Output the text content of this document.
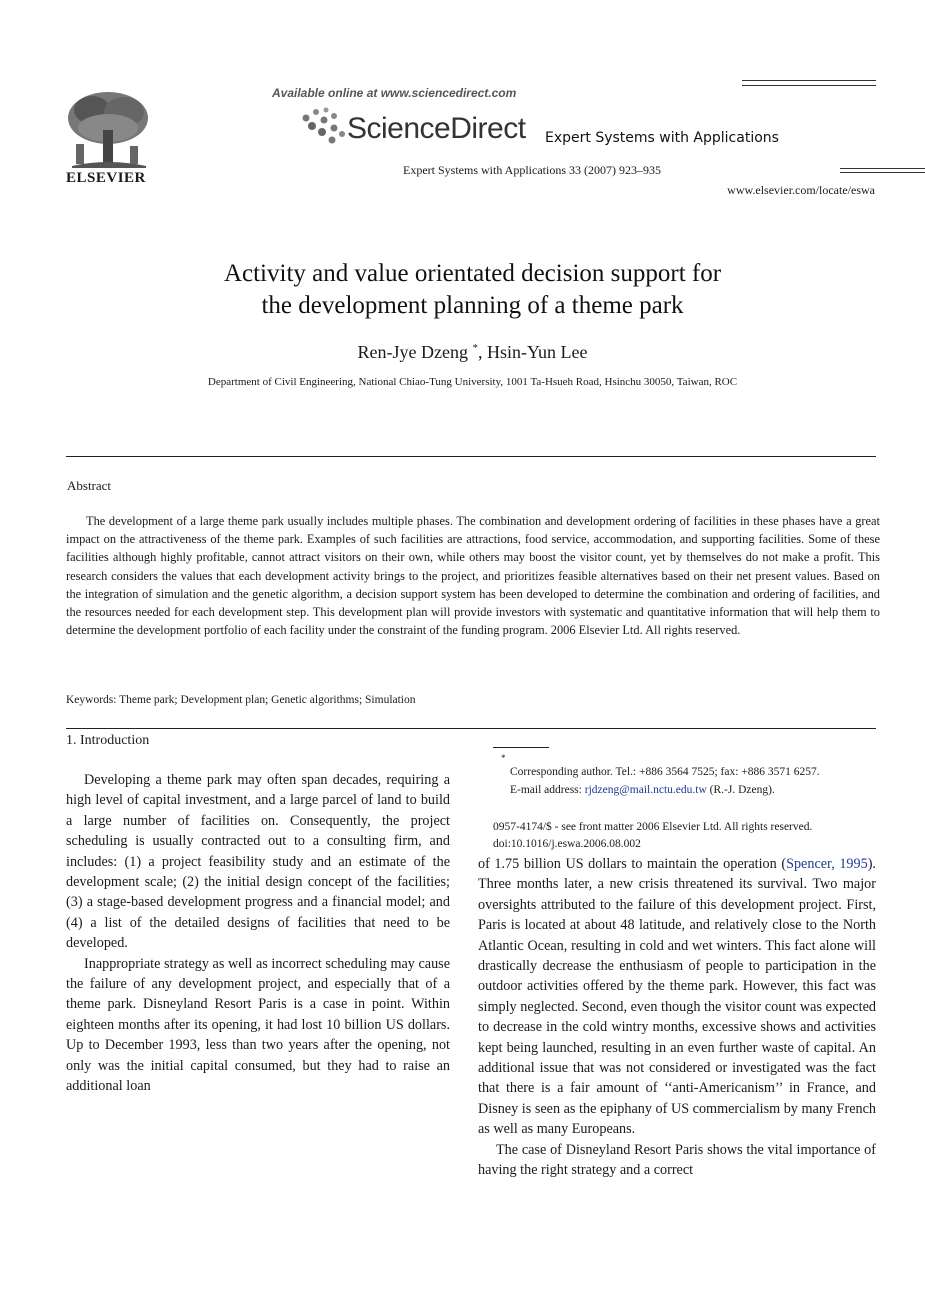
ELSEVIER
Available online at www.sciencedirect.com
ScienceDirect Expert Systems with Applications
Expert Systems with Applications 33 (2007) 923–935
www.elsevier.com/locate/eswa
Activity and value orientated decision support for
the development planning of a theme park
Ren-Jye Dzeng *, Hsin-Yun Lee
Department of Civil Engineering, National Chiao-Tung University, 1001 Ta-Hsueh Road, Hsinchu 30050, Taiwan, ROC
Abstract
The development of a large theme park usually includes multiple phases. The combination and development ordering of facilities in these phases have a great impact on the attractiveness of the theme park. Examples of such facilities are attractions, food service, accommodation, and supporting facilities. Some of these facilities although highly profitable, cannot attract visitors on their own, while others may boost the visitor count, yet by themselves do not make a profit. This research considers the values that each development activity brings to the project, and prioritizes feasible alternatives based on their net present values. Based on the integration of simulation and the genetic algorithm, a decision support system has been developed to determine the combination and ordering of facilities, and the resources needed for each development step. This development plan will provide investors with systematic and quantitative information that will help them to determine the development portfolio of each facility under the constraint of the funding program. 2006 Elsevier Ltd. All rights reserved.
Keywords: Theme park; Development plan; Genetic algorithms; Simulation
1. Introduction

Developing a theme park may often span decades, requiring a high level of capital investment, and a large parcel of land to build a large number of facilities on. Consequently, the project scheduling is usually contracted out to a consulting firm, and includes: (1) a project feasibility study and an estimate of the development scale; (2) the initial design concept of the facilities; (3) a stage-based development progress and a financial model; and (4) a list of the detailed designs of facilities that need to be developed.

Inappropriate strategy as well as incorrect scheduling may cause the failure of any development project, and especially that of a theme park. Disneyland Resort Paris is a case in point. Within eighteen months after its opening, it had lost 10 billion US dollars. Up to December 1993, less than two years after the opening, not only was the initial capital consumed, but they had to raise an additional loan

*
Corresponding author. Tel.: +886 3564 7525; fax: +886 3571 6257.
E-mail address: rjdzeng@mail.nctu.edu.tw (R.-J. Dzeng).
0957-4174/$ - see front matter 2006 Elsevier Ltd. All rights reserved.
doi:10.1016/j.eswa.2006.08.002

of 1.75 billion US dollars to maintain the operation (Spencer, 1995). Three months later, a new crisis threatened its survival. Two major oversights attributed to the failure of this development project. First, Paris is located at about 48 latitude, and relatively close to the North Atlantic Ocean, resulting in cold and wet winters. This fact alone will drastically decrease the enthusiasm of people to participation in the outdoor activities offered by the theme park. However, this fact was simply neglected. Second, even though the visitor count was expected to decrease in the cold wintry months, excessive shows and activities kept being launched, resulting in an even further waste of capital. An additional issue that was not considered or investigated was the fact that there is a fair amount of ‘‘anti-Americanism’’ in France, and Disney is seen as the epiphany of US commercialism by many French as well as many Europeans.

The case of Disneyland Resort Paris shows the vital importance of having the right strategy and a correct
